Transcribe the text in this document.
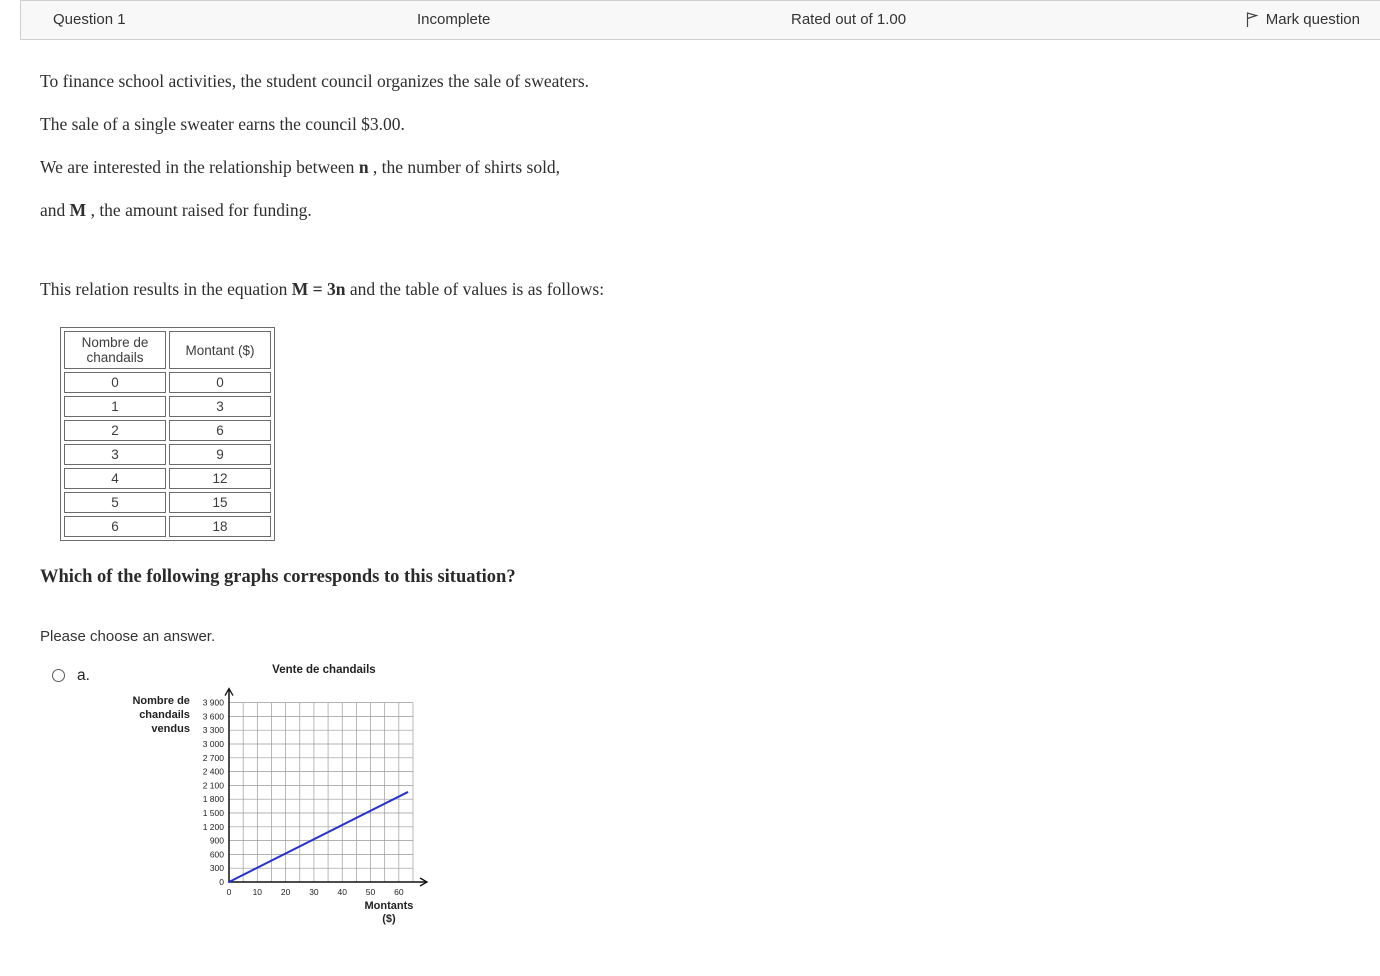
Question 1	Incomplete	Rated out of 1.00	Mark question

To finance school activities, the student council organizes the sale of sweaters.

The sale of a single sweater earns the council $3.00.

We are interested in the relationship between n , the number of shirts sold,

and M , the amount raised for funding.

This relation results in the equation M = 3n and the table of values is as follows:

Nombre de chandails	Montant ($)
0	0
1	3
2	6
3	9
4	12
5	15
6	18
Which of the following graphs corresponds to this situation?
Please choose an answer.
a.
0
300
600
900
1 200
1 500
1 800
2 100
2 400
2 700
3 000
3 300
3 600
3 900
0 10 20 30 40 50 60
Vente de chandails
Nombre de
chandails
vendus
Montants
($)
